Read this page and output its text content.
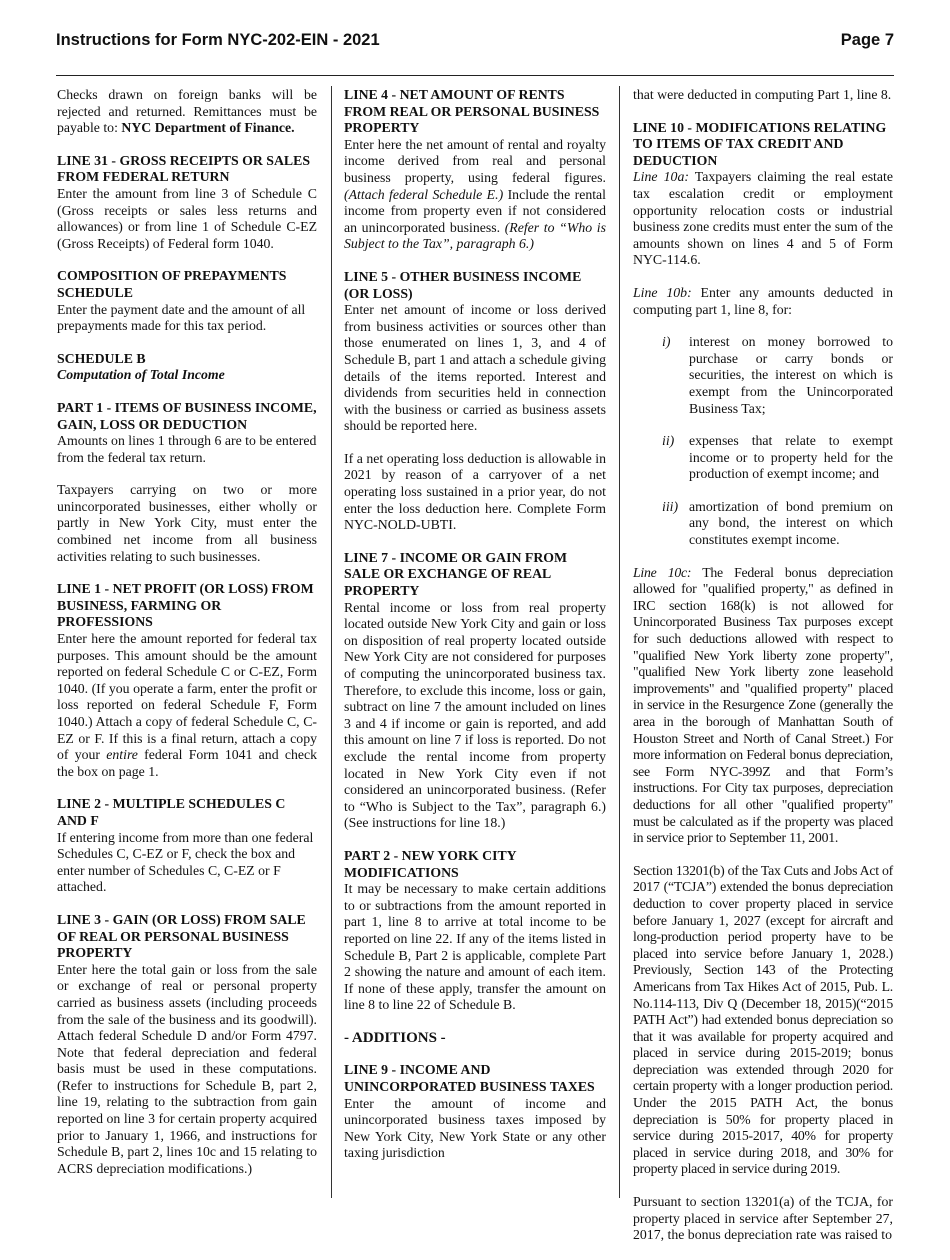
Instructions for Form NYC-202-EIN - 2021	Page 7

Checks drawn on foreign banks will be rejected and returned. Remittances must be payable to: NYC Department of Finance.

LINE 31 - GROSS RECEIPTS OR SALES FROM FEDERAL RETURN

Enter the amount from line 3 of Schedule C (Gross receipts or sales less returns and allowances) or from line 1 of Schedule C-EZ (Gross Receipts) of Federal form 1040.

COMPOSITION OF PREPAYMENTS SCHEDULE

Enter the payment date and the amount of all prepayments made for this tax period.

SCHEDULE B
Computation of Total Income
PART 1 - ITEMS OF BUSINESS INCOME, GAIN, LOSS OR DEDUCTION

Amounts on lines 1 through 6 are to be entered from the federal tax return.

Taxpayers carrying on two or more unincorporated businesses, either wholly or partly in New York City, must enter the combined net income from all business activities relating to such businesses.

LINE 1 - NET PROFIT (OR LOSS) FROM BUSINESS, FARMING OR PROFESSIONS

Enter here the amount reported for federal tax purposes. This amount should be the amount reported on federal Schedule C or C-EZ, Form 1040. (If you operate a farm, enter the profit or loss reported on federal Schedule F, Form 1040.) Attach a copy of federal Schedule C, C-EZ or F. If this is a final return, attach a copy of your entire federal Form 1041 and check the box on page 1.

LINE 2 - MULTIPLE SCHEDULES C AND F

If entering income from more than one federal Schedules C, C-EZ or F, check the box and enter number of Schedules C, C-EZ or F attached.

LINE 3 - GAIN (OR LOSS) FROM SALE OF REAL OR PERSONAL BUSINESS PROPERTY

Enter here the total gain or loss from the sale or exchange of real or personal property carried as business assets (including proceeds from the sale of the business and its goodwill). Attach federal Schedule D and/or Form 4797. Note that federal depreciation and federal basis must be used in these computations. (Refer to instructions for Schedule B, part 2, line 19, relating to the subtraction from gain reported on line 3 for certain property acquired prior to January 1, 1966, and instructions for Schedule B, part 2, lines 10c and 15 relating to ACRS depreciation modifications.)

LINE 4 - NET AMOUNT OF RENTS FROM REAL OR PERSONAL BUSINESS PROPERTY

Enter here the net amount of rental and royalty income derived from real and personal business property, using federal figures. (Attach federal Schedule E.) Include the rental income from property even if not considered an unincorporated business. (Refer to “Who is Subject to the Tax”, paragraph 6.)

LINE 5 - OTHER BUSINESS INCOME (OR LOSS)

Enter net amount of income or loss derived from business activities or sources other than those enumerated on lines 1, 3, and 4 of Schedule B, part 1 and attach a schedule giving details of the items reported. Interest and dividends from securities held in connection with the business or carried as business assets should be reported here.

If a net operating loss deduction is allowable in 2021 by reason of a carryover of a net operating loss sustained in a prior year, do not enter the loss deduction here. Complete Form NYC-NOLD-UBTI.

LINE 7 - INCOME OR GAIN FROM SALE OR EXCHANGE OF REAL PROPERTY

Rental income or loss from real property located outside New York City and gain or loss on disposition of real property located outside New York City are not considered for purposes of computing the unincorporated business tax. Therefore, to exclude this income, loss or gain, subtract on line 7 the amount included on lines 3 and 4 if income or gain is reported, and add this amount on line 7 if loss is reported. Do not exclude the rental income from property located in New York City even if not considered an unincorporated business. (Refer to “Who is Subject to the Tax”, paragraph 6.) (See instructions for line 18.)

PART 2 - NEW YORK CITY MODIFICATIONS

It may be necessary to make certain additions to or subtractions from the amount reported in part 1, line 8 to arrive at total income to be reported on line 22. If any of the items listed in Schedule B, Part 2 is applicable, complete Part 2 showing the nature and amount of each item. If none of these apply, transfer the amount on line 8 to line 22 of Schedule B.

- ADDITIONS -
LINE 9 - INCOME AND UNINCORPORATED BUSINESS TAXES

Enter the amount of income and unincorporated business taxes imposed by New York City, New York State or any other taxing jurisdiction

that were deducted in computing Part 1, line 8.

LINE 10 - MODIFICATIONS RELATING TO ITEMS OF TAX CREDIT AND DEDUCTION

Line 10a: Taxpayers claiming the real estate tax escalation credit or employment opportunity relocation costs or industrial business zone credits must enter the sum of the amounts shown on lines 4 and 5 of Form NYC-114.6.

Line 10b: Enter any amounts deducted in computing part 1, line 8, for:

i)	interest on money borrowed to purchase or carry bonds or securities, the interest on which is exempt from the Unincorporated Business Tax;
ii)	expenses that relate to exempt income or to property held for the production of exempt income; and
iii) amortization of bond premium on any bond, the interest on which constitutes exempt income.

Line 10c: The Federal bonus depreciation allowed for "qualified property," as defined in IRC section 168(k) is not allowed for Unincorporated Business Tax purposes except for such deductions allowed with respect to "qualified New York liberty zone property", "qualified New York liberty zone leasehold improvements" and "qualified property" placed in service in the Resurgence Zone (generally the area in the borough of Manhattan South of Houston Street and North of Canal Street.) For more information on Federal bonus depreciation, see Form NYC-399Z and that Form’s instructions. For City tax purposes, depreciation deductions for all other "qualified property" must be calculated as if the property was placed in service prior to September 11, 2001.

Section 13201(b) of the Tax Cuts and Jobs Act of 2017 (“TCJA”) extended the bonus depreciation deduction to cover property placed in service before January 1, 2027 (except for aircraft and long-production period property have to be placed into service before January 1, 2028.) Previously, Section 143 of the Protecting Americans from Tax Hikes Act of 2015, Pub. L. No.114-113, Div Q (December 18, 2015)(“2015 PATH Act”) had extended bonus depreciation so that it was available for property acquired and placed in service during 2015-2019; bonus depreciation was extended through 2020 for certain property with a longer production period. Under the 2015 PATH Act, the bonus depreciation is 50% for property placed in service during 2015-2017, 40% for property placed in service during 2018, and 30% for property placed in service during 2019.

Pursuant to section 13201(a) of the TCJA, for property placed in service after September 27, 2017, the bonus depreciation rate was raised to
